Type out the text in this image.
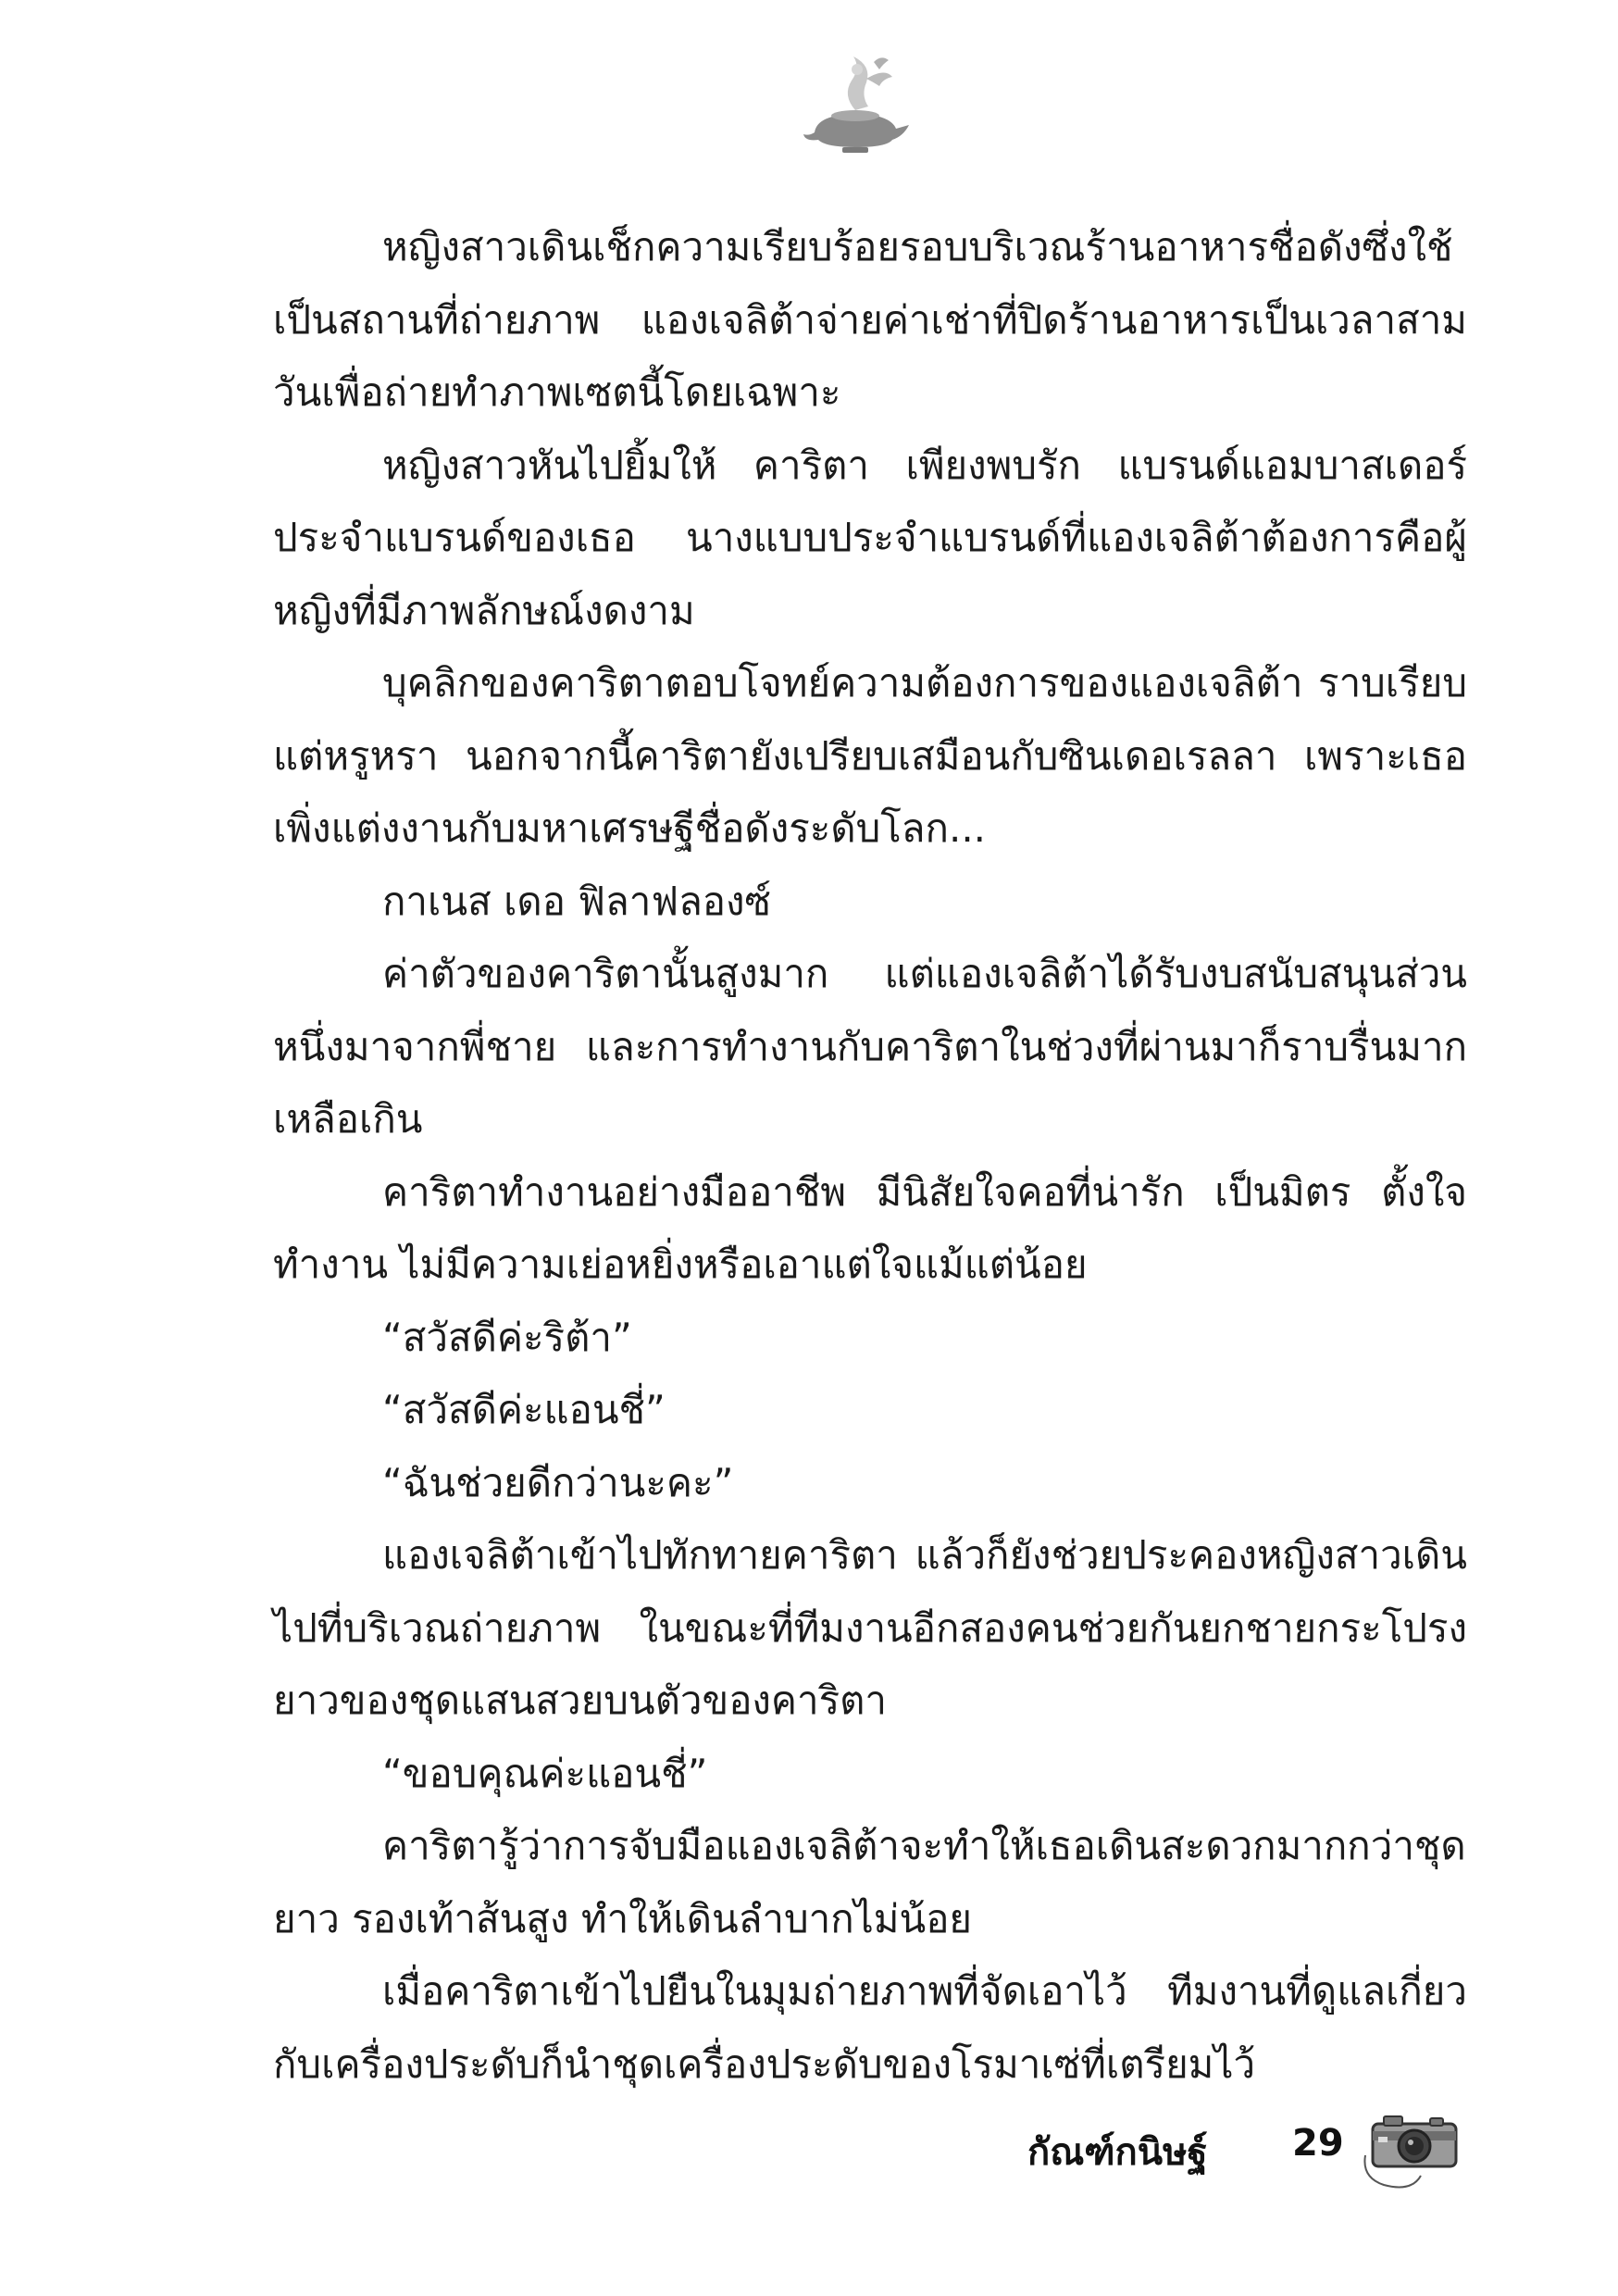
หญิงสาวเดินเช็กความเรียบร้อยรอบบริเวณร้านอาหารชื่อดังซึ่งใช้เป็นสถานที่ถ่ายภาพ แองเจลิต้าจ่ายค่าเช่าที่ปิดร้านอาหารเป็นเวลาสามวันเพื่อถ่ายทำภาพเซตนี้โดยเฉพาะ

หญิงสาวหันไปยิ้มให้ คาริตา เพียงพบรัก แบรนด์แอมบาสเดอร์ประจำแบรนด์ของเธอ นางแบบประจำแบรนด์ที่แองเจลิต้าต้องการคือผู้หญิงที่มีภาพลักษณ์งดงาม

บุคลิกของคาริตาตอบโจทย์ความต้องการของแองเจลิต้า ราบเรียบแต่หรูหรา นอกจากนี้คาริตายังเปรียบเสมือนกับซินเดอเรลลา เพราะเธอเพิ่งแต่งงานกับมหาเศรษฐีชื่อดังระดับโลก...

กาเนส เดอ ฟิลาฟลองซ์

ค่าตัวของคาริตานั้นสูงมาก แต่แองเจลิต้าได้รับงบสนับสนุนส่วนหนึ่งมาจากพี่ชาย และการทำงานกับคาริตาในช่วงที่ผ่านมาก็ราบรื่นมากเหลือเกิน

คาริตาทำงานอย่างมืออาชีพ มีนิสัยใจคอที่น่ารัก เป็นมิตร ตั้งใจทำงาน ไม่มีความเย่อหยิ่งหรือเอาแต่ใจแม้แต่น้อย

“สวัสดีค่ะริต้า”

“สวัสดีค่ะแอนชี่”

“ฉันช่วยดีกว่านะคะ”

แองเจลิต้าเข้าไปทักทายคาริตา แล้วก็ยังช่วยประคองหญิงสาวเดินไปที่บริเวณถ่ายภาพ ในขณะที่ทีมงานอีกสองคนช่วยกันยกชายกระโปรงยาวของชุดแสนสวยบนตัวของคาริตา

“ขอบคุณค่ะแอนชี่”

คาริตารู้ว่าการจับมือแองเจลิต้าจะทำให้เธอเดินสะดวกมากกว่าชุดยาว รองเท้าส้นสูง ทำให้เดินลำบากไม่น้อย

เมื่อคาริตาเข้าไปยืนในมุมถ่ายภาพที่จัดเอาไว้ ทีมงานที่ดูแลเกี่ยวกับเครื่องประดับก็นำชุดเครื่องประดับของโรมาเซ่ที่เตรียมไว้

กัณฑ์กนิษฐ์ 29
